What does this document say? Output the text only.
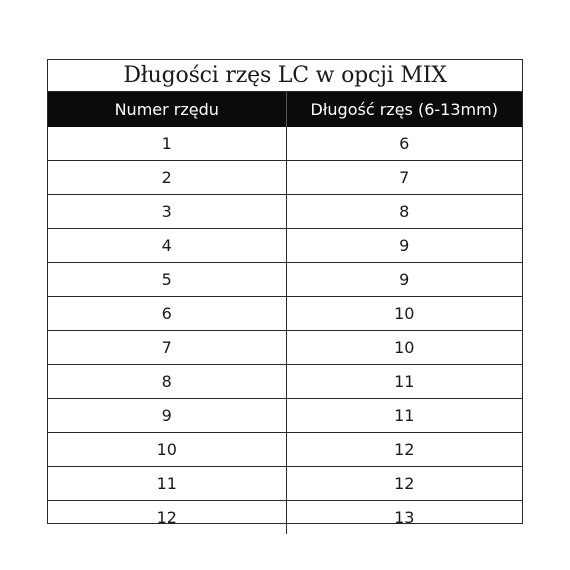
Długości rzęs LC w opcji MIX
Numer rzędu	Długość rzęs (6-13mm)
1	6
2	7
3	8
4	9
5	9
6	10
7	10
8	11
9	11
10	12
11	12
12	13
